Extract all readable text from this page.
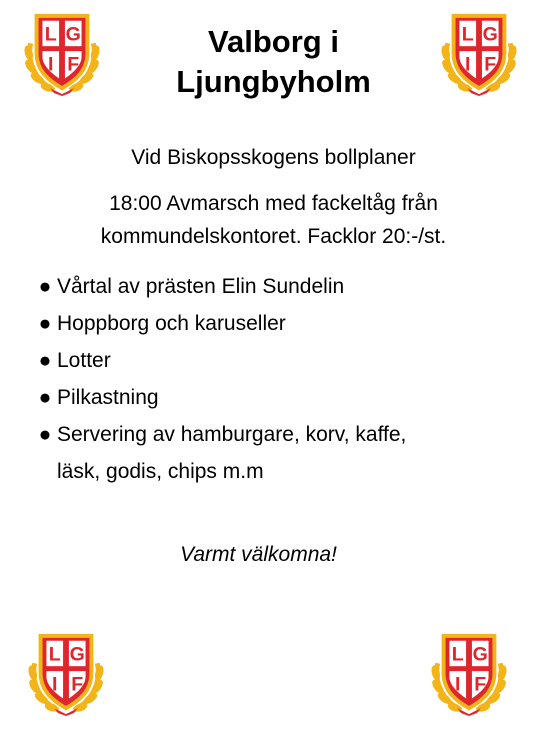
L G
I F
L G
I F
Valborg i
Ljungbyholm
Vid Biskopsskogens bollplaner
18:00 Avmarsch med fackeltåg från
kommundelskontoret. Facklor 20:-/st.
● Vårtal av prästen Elin Sundelin
● Hoppborg och karuseller
● Lotter
● Pilkastning
● Servering av hamburgare, korv, kaffe,
läsk, godis, chips m.m
Varmt välkomna!
L G
I F
L G
I F
